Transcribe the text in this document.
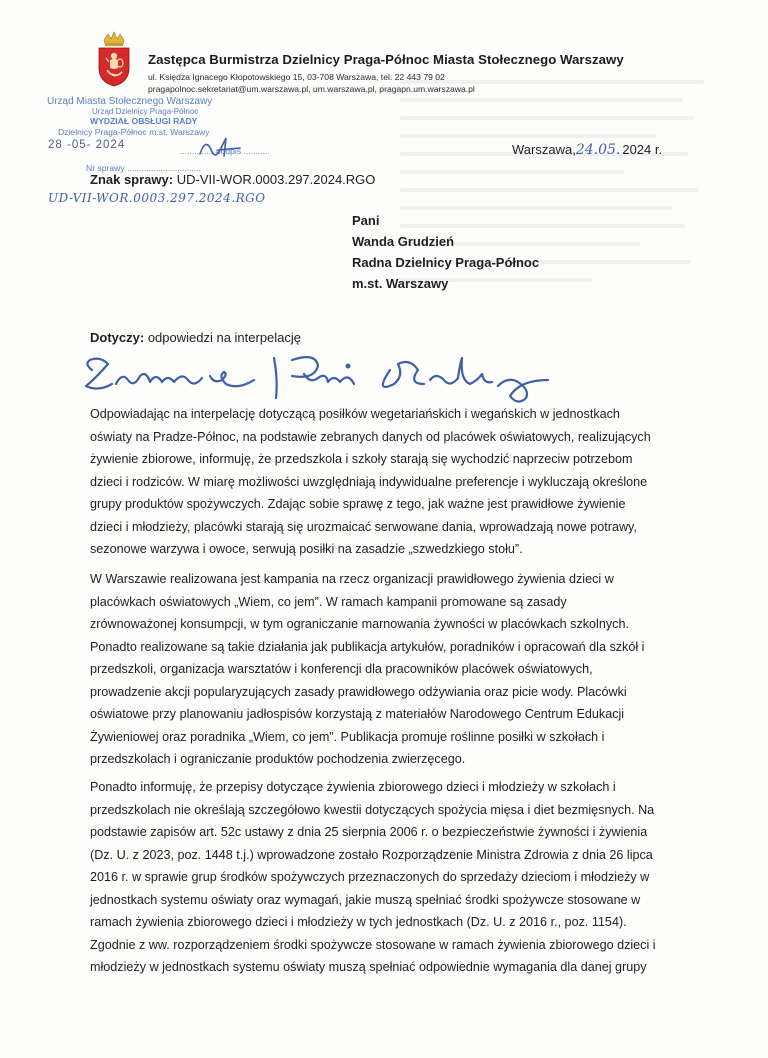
Zastępca Burmistrza Dzielnicy Praga-Północ Miasta Stołecznego Warszawy
ul. Księdza Ignacego Kłopotowskiego 15, 03-708 Warszawa, tel. 22 443 79 02
pragapolnoc.sekretariat@um.warszawa.pl, um.warszawa.pl, pragapn.um.warszawa.pl
Urząd Miasta Stołecznego Warszawy
Urząd Dzielnicy Praga-Północ
WYDZIAŁ OBSŁUGI RADY
Dzielnicy Praga-Północ m.st. Warszawy
28 -05- 2024	.............. podpis ...........
Nr sprawy ...............................
Warszawa,24.05. 2024 r.
Znak sprawy: UD-VII-WOR.0003.297.2024.RGO
UD-VII-WOR.0003.297.2024.RGO
Pani
Wanda Grudzień
Radna Dzielnicy Praga-Północ
m.st. Warszawy
Dotyczy: odpowiedzi na interpelację
Odpowiadając na interpelację dotyczącą posiłków wegetariańskich i wegańskich w jednostkach
oświaty na Pradze-Północ, na podstawie zebranych danych od placówek oświatowych, realizujących
żywienie zbiorowe, informuję, że przedszkola i szkoły starają się wychodzić naprzeciw potrzebom
dzieci i rodziców. W miarę możliwości uwzględniają indywidualne preferencje i wykluczają określone
grupy produktów spożywczych. Zdając sobie sprawę z tego, jak ważne jest prawidłowe żywienie
dzieci i młodzieży, placówki starają się urozmaicać serwowane dania, wprowadzają nowe potrawy,
sezonowe warzywa i owoce, serwują posiłki na zasadzie „szwedzkiego stołu”.
W Warszawie realizowana jest kampania na rzecz organizacji prawidłowego żywienia dzieci w
placówkach oświatowych „Wiem, co jem”. W ramach kampanii promowane są zasady
zrównoważonej konsumpcji, w tym ograniczanie marnowania żywności w placówkach szkolnych.
Ponadto realizowane są takie działania jak publikacja artykułów, poradników i opracowań dla szkół i
przedszkoli, organizacja warsztatów i konferencji dla pracowników placówek oświatowych,
prowadzenie akcji popularyzujących zasady prawidłowego odżywiania oraz picie wody. Placówki
oświatowe przy planowaniu jadłospisów korzystają z materiałów Narodowego Centrum Edukacji
Żywieniowej oraz poradnika „Wiem, co jem”. Publikacja promuje roślinne posiłki w szkołach i
przedszkolach i ograniczanie produktów pochodzenia zwierzęcego.
Ponadto informuję, że przepisy dotyczące żywienia zbiorowego dzieci i młodzieży w szkołach i
przedszkolach nie określają szczegółowo kwestii dotyczących spożycia mięsa i diet bezmięsnych. Na
podstawie zapisów art. 52c ustawy z dnia 25 sierpnia 2006 r. o bezpieczeństwie żywności i żywienia
(Dz. U. z 2023, poz. 1448 t.j.) wprowadzone zostało Rozporządzenie Ministra Zdrowia z dnia 26 lipca
2016 r. w sprawie grup środków spożywczych przeznaczonych do sprzedaży dzieciom i młodzieży w
jednostkach systemu oświaty oraz wymagań, jakie muszą spełniać środki spożywcze stosowane w
ramach żywienia zbiorowego dzieci i młodzieży w tych jednostkach (Dz. U. z 2016 r., poz. 1154).
Zgodnie z ww. rozporządzeniem środki spożywcze stosowane w ramach żywienia zbiorowego dzieci i
młodzieży w jednostkach systemu oświaty muszą spełniać odpowiednie wymagania dla danej grupy
